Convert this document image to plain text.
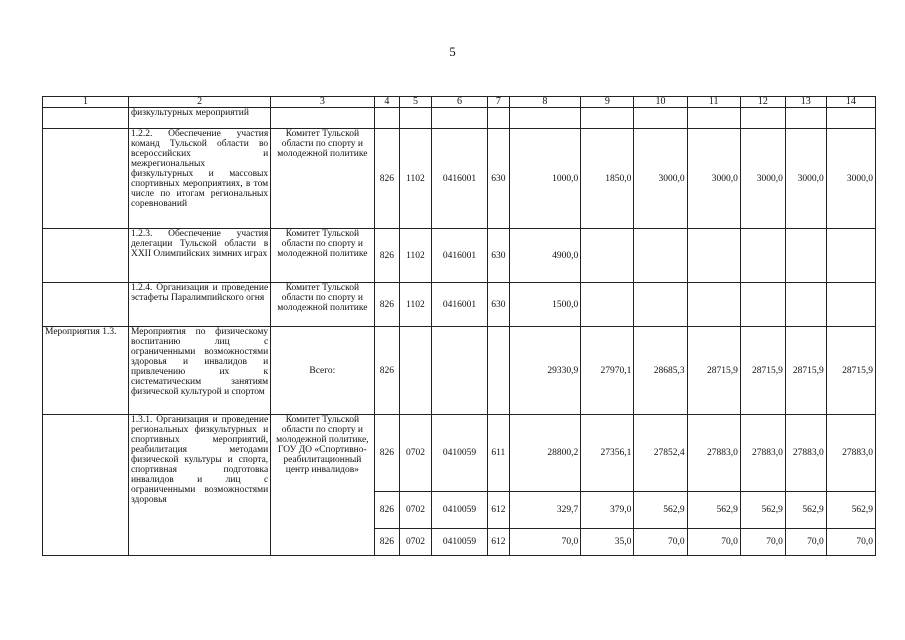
5
1	2	3	4	5	6	7	8	9	10	11	12	13	14
	физкультурных мероприятий												
	1.2.2. Обеспечение участия команд Тульской области во всероссийских и межрегиональных физкультурных и массовых спортивных мероприятиях, в том числе по итогам региональных соревнований	Комитет Тульской области по спорту и молодежной политике	826	1102	0416001	630	1000,0	1850,0	3000,0	3000,0	3000,0	3000,0	3000,0
	1.2.3. Обеспечение участия делегации Тульской области в XXII Олимпийских зимних играх	Комитет Тульской области по спорту и молодежной политике	826	1102	0416001	630	4900,0						
	1.2.4. Организация и проведение эстафеты Паралимпийского огня	Комитет Тульской области по спорту и молодежной политике	826	1102	0416001	630	1500,0						
Мероприятия 1.3.	Мероприятия по физическому воспитанию лиц с ограниченными возможностями здоровья и инвалидов и привлечению их к систематическим занятиям физической культурой и спортом	Всего:	826				29330,9	27970,1	28685,3	28715,9	28715,9	28715,9	28715,9
	1.3.1. Организация и проведение региональных физкультурных и спортивных мероприятий, реабилитация методами физической культуры и спорта, спортивная подготовка инвалидов и лиц с ограниченными возможностями здоровья	Комитет Тульской области по спорту и молодежной политике, ГОУ ДО «Спортивно-реабилитационный центр инвалидов»	826	0702	0410059	611	28800,2	27356,1	27852,4	27883,0	27883,0	27883,0	27883,0
			826	0702	0410059	612	329,7	379,0	562,9	562,9	562,9	562,9	562,9
			826	0702	0410059	612	70,0	35,0	70,0	70,0	70,0	70,0	70,0
